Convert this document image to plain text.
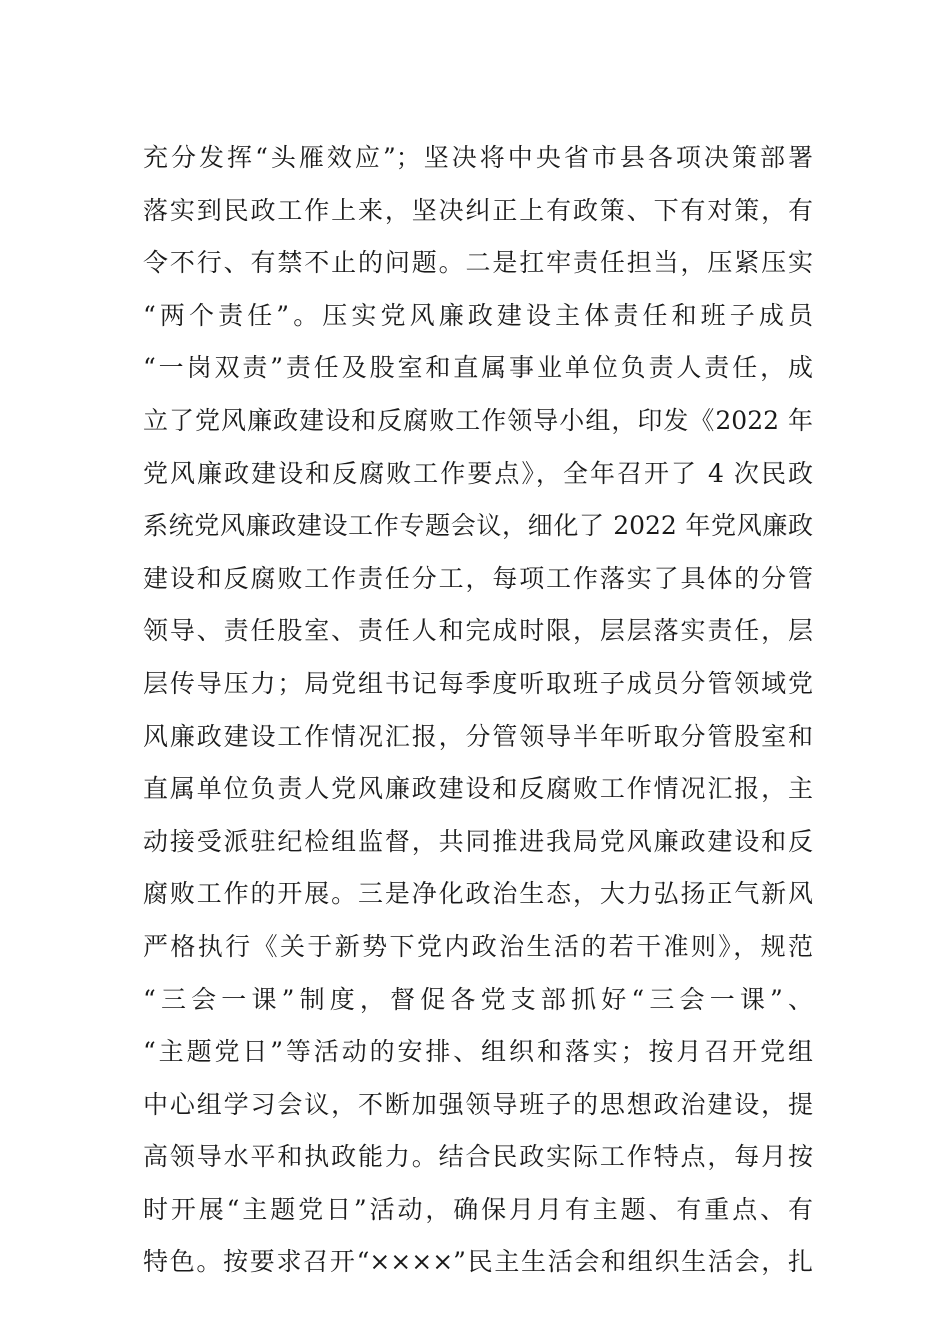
充分发挥“头雁效应”；坚决将中央省市县各项决策部署
落实到民政工作上来，坚决纠正上有政策、下有对策，有
令不行、有禁不止的问题。二是扛牢责任担当，压紧压实
“两个责任”。压实党风廉政建设主体责任和班子成员
“一岗双责”责任及股室和直属事业单位负责人责任，成
立了党风廉政建设和反腐败工作领导小组，印发《2022 年
党风廉政建设和反腐败工作要点》，全年召开了 4 次民政
系统党风廉政建设工作专题会议，细化了 2022 年党风廉政
建设和反腐败工作责任分工，每项工作落实了具体的分管
领导、责任股室、责任人和完成时限，层层落实责任，层
层传导压力；局党组书记每季度听取班子成员分管领域党
风廉政建设工作情况汇报，分管领导半年听取分管股室和
直属单位负责人党风廉政建设和反腐败工作情况汇报，主
动接受派驻纪检组监督，共同推进我局党风廉政建设和反
腐败工作的开展。三是净化政治生态，大力弘扬正气新风
严格执行《关于新势下党内政治生活的若干准则》，规范
“三会一课”制度，督促各党支部抓好“三会一课”、
“主题党日”等活动的安排、组织和落实；按月召开党组
中心组学习会议，不断加强领导班子的思想政治建设，提
高领导水平和执政能力。结合民政实际工作特点，每月按
时开展“主题党日”活动，确保月月有主题、有重点、有
特色。按要求召开“××××”民主生活会和组织生活会，扎
